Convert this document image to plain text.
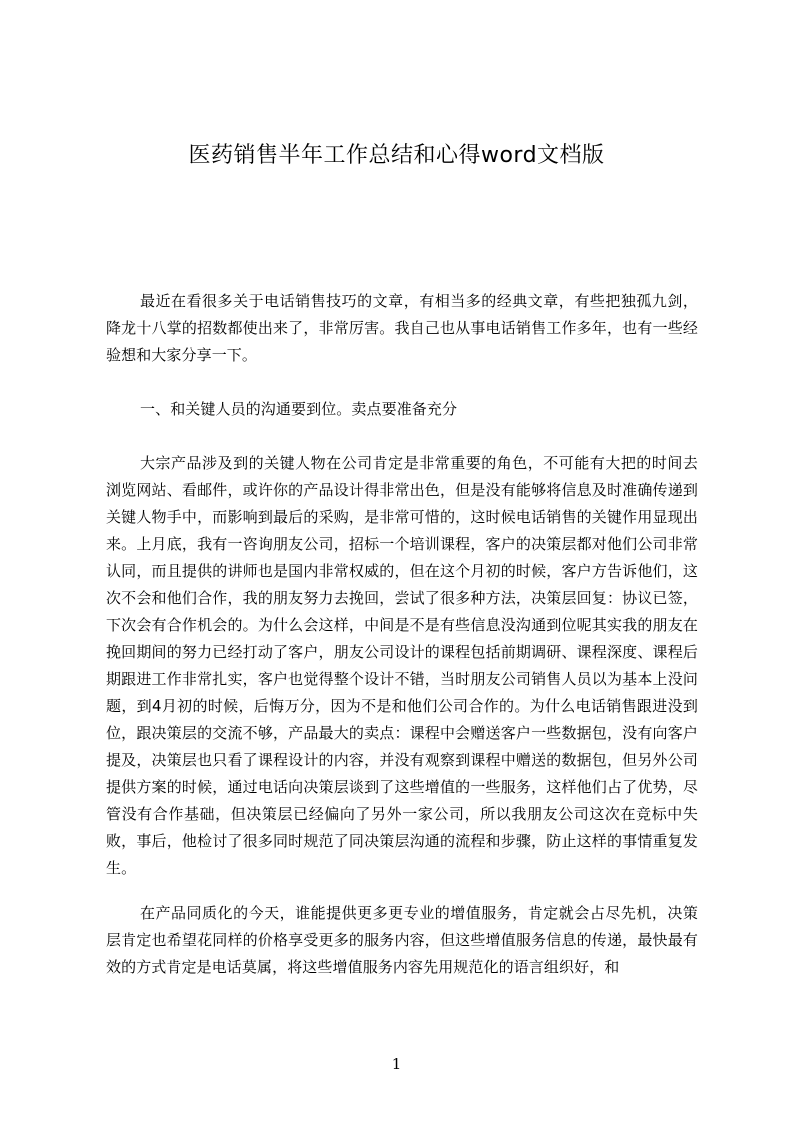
医药销售半年工作总结和心得word文档版

最近在看很多关于电话销售技巧的文章，有相当多的经典文章，有些把独孤九剑，降龙十八掌的招数都使出来了，非常厉害。我自己也从事电话销售工作多年，也有一些经验想和大家分享一下。

一、和关键人员的沟通要到位。卖点要准备充分

大宗产品涉及到的关键人物在公司肯定是非常重要的角色，不可能有大把的时间去浏览网站、看邮件，或许你的产品设计得非常出色，但是没有能够将信息及时准确传递到关键人物手中，而影响到最后的采购，是非常可惜的，这时候电话销售的关键作用显现出来。上月底，我有一咨询朋友公司，招标一个培训课程，客户的决策层都对他们公司非常认同，而且提供的讲师也是国内非常权威的，但在这个月初的时候，客户方告诉他们，这次不会和他们合作，我的朋友努力去挽回，尝试了很多种方法，决策层回复：协议已签，下次会有合作机会的。为什么会这样，中间是不是有些信息没沟通到位呢其实我的朋友在挽回期间的努力已经打动了客户，朋友公司设计的课程包括前期调研、课程深度、课程后期跟进工作非常扎实，客户也觉得整个设计不错，当时朋友公司销售人员以为基本上没问题，到4月初的时候，后悔万分，因为不是和他们公司合作的。为什么电话销售跟进没到位，跟决策层的交流不够，产品最大的卖点：课程中会赠送客户一些数据包，没有向客户提及，决策层也只看了课程设计的内容，并没有观察到课程中赠送的数据包，但另外公司提供方案的时候，通过电话向决策层谈到了这些增值的一些服务，这样他们占了优势，尽管没有合作基础，但决策层已经偏向了另外一家公司，所以我朋友公司这次在竞标中失败，事后，他检讨了很多同时规范了同决策层沟通的流程和步骤，防止这样的事情重复发生。

在产品同质化的今天，谁能提供更多更专业的增值服务，肯定就会占尽先机，决策层肯定也希望花同样的价格享受更多的服务内容，但这些增值服务信息的传递，最快最有效的方式肯定是电话莫属，将这些增值服务内容先用规范化的语言组织好，和

1
